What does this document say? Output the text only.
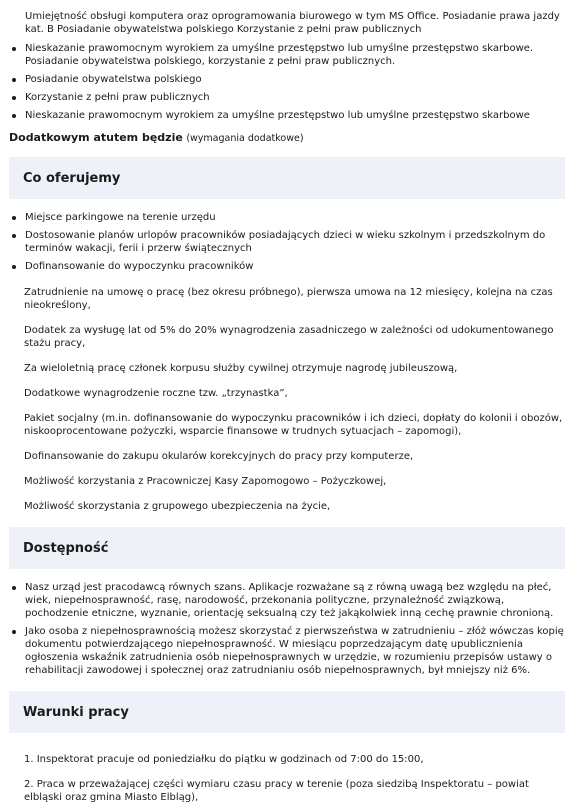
Umiejętność obsługi komputera oraz oprogramowania biurowego w tym MS Office. Posiadanie prawa jazdy kat. B Posiadanie obywatelstwa polskiego Korzystanie z pełni praw publicznych
Nieskazanie prawomocnym wyrokiem za umyślne przestępstwo lub umyślne przestępstwo skarbowe. Posiadanie obywatelstwa polskiego, korzystanie z pełni praw publicznych.
Posiadanie obywatelstwa polskiego
Korzystanie z pełni praw publicznych
Nieskazanie prawomocnym wyrokiem za umyślne przestępstwo lub umyślne przestępstwo skarbowe
Dodatkowym atutem będzie (wymagania dodatkowe)
Co oferujemy
Miejsce parkingowe na terenie urzędu
Dostosowanie planów urlopów pracowników posiadających dzieci w wieku szkolnym i przedszkolnym do terminów wakacji, ferii i przerw świątecznych
Dofinansowanie do wypoczynku pracowników
Zatrudnienie na umowę o pracę (bez okresu próbnego), pierwsza umowa na 12 miesięcy, kolejna na czas nieokreślony,
Dodatek za wysługę lat od 5% do 20% wynagrodzenia zasadniczego w zależności od udokumentowanego stażu pracy,
Za wieloletnią pracę członek korpusu służby cywilnej otrzymuje nagrodę jubileuszową,
Dodatkowe wynagrodzenie roczne tzw. „trzynastka”,
Pakiet socjalny (m.in. dofinansowanie do wypoczynku pracowników i ich dzieci, dopłaty do kolonii i obozów, niskooprocentowane pożyczki, wsparcie finansowe w trudnych sytuacjach – zapomogi),
Dofinansowanie do zakupu okularów korekcyjnych do pracy przy komputerze,
Możliwość korzystania z Pracowniczej Kasy Zapomogowo – Pożyczkowej,
Możliwość skorzystania z grupowego ubezpieczenia na życie,
Dostępność
Nasz urząd jest pracodawcą równych szans. Aplikacje rozważane są z równą uwagą bez względu na płeć, wiek, niepełnosprawność, rasę, narodowość, przekonania polityczne, przynależność związkową, pochodzenie etniczne, wyznanie, orientację seksualną czy też jakąkolwiek inną cechę prawnie chronioną.
Jako osoba z niepełnosprawnością możesz skorzystać z pierwszeństwa w zatrudnieniu – złóż wówczas kopię dokumentu potwierdzającego niepełnosprawność. W miesiącu poprzedzającym datę upublicznienia ogłoszenia wskaźnik zatrudnienia osób niepełnosprawnych w urzędzie, w rozumieniu przepisów ustawy o rehabilitacji zawodowej i społecznej oraz zatrudnianiu osób niepełnosprawnych, był mniejszy niż 6%.
Warunki pracy
1. Inspektorat pracuje od poniedziałku do piątku w godzinach od 7:00 do 15:00,
2. Praca w przeważającej części wymiaru czasu pracy w terenie (poza siedzibą Inspektoratu – powiat elbląski oraz gmina Miasto Elbląg),
